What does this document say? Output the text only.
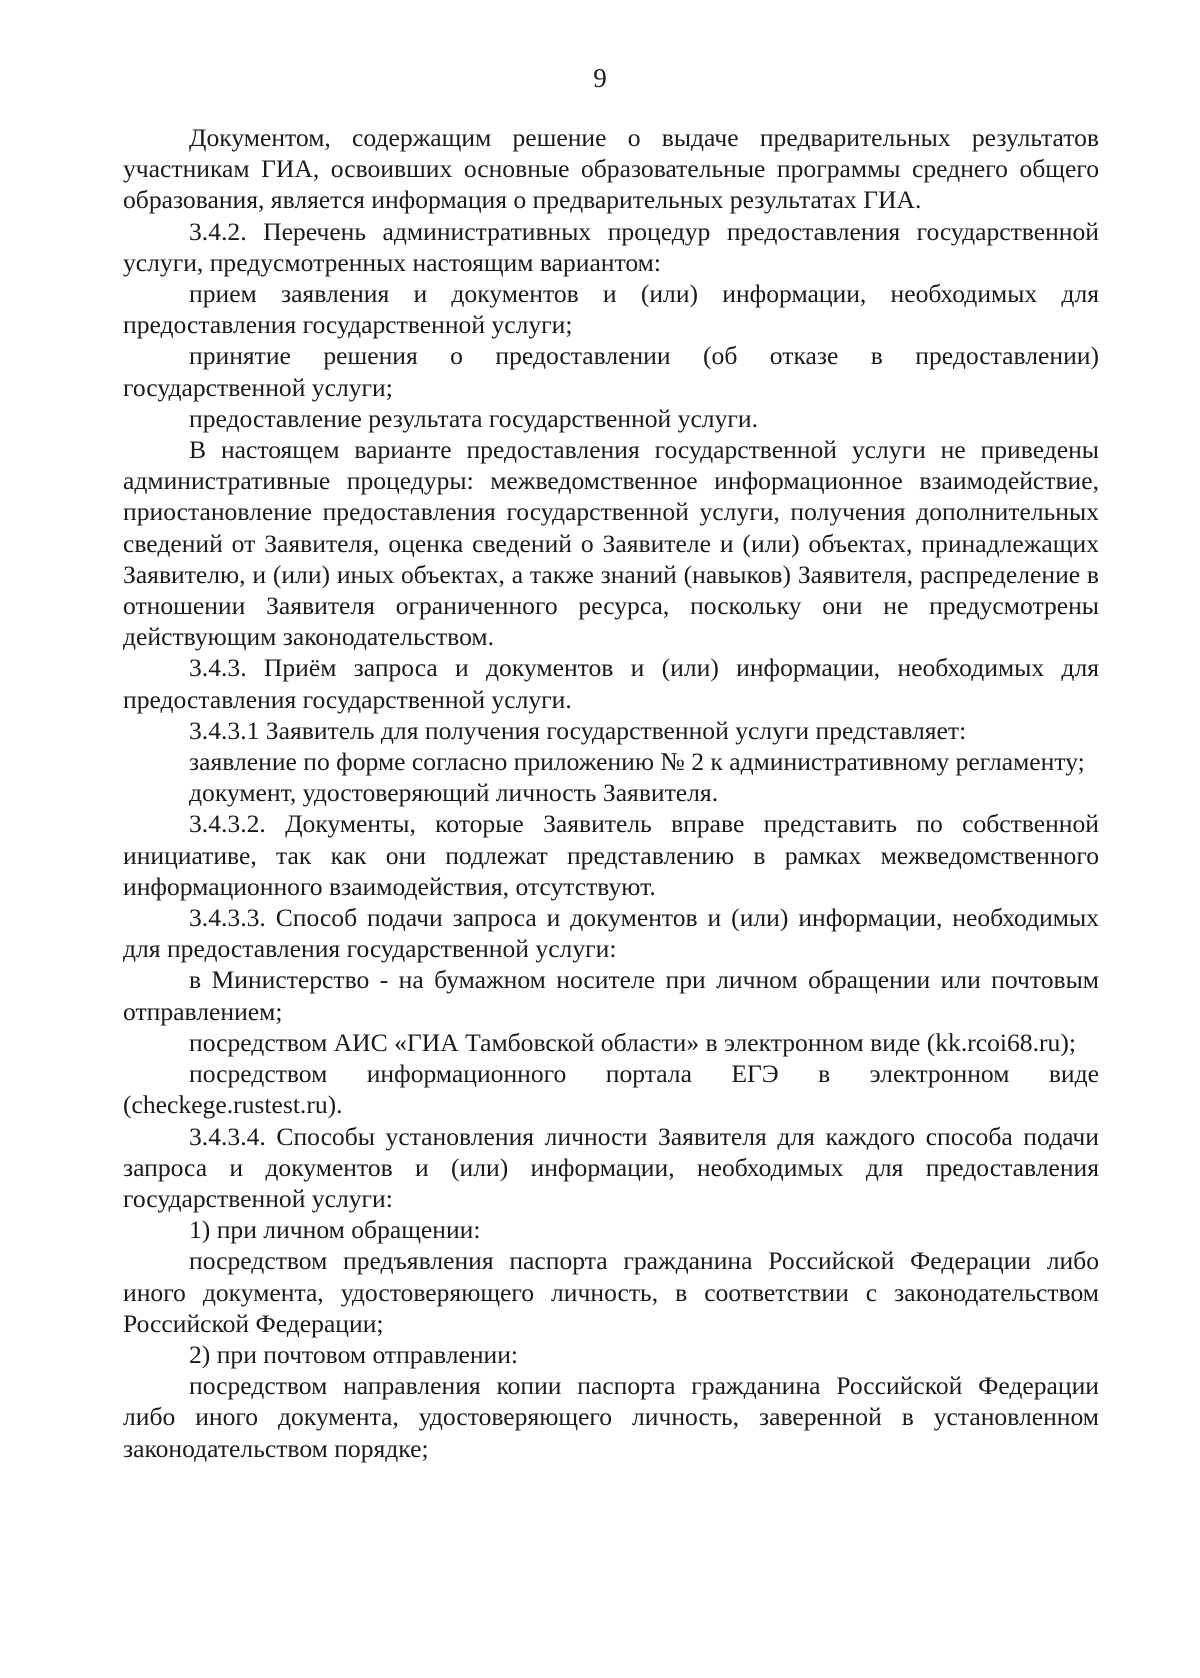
9

Документом, содержащим решение о выдаче предварительных результатов участникам ГИА, освоивших основные образовательные программы среднего общего образования, является информация о предварительных результатах ГИА.

3.4.2. Перечень административных процедур предоставления государственной услуги, предусмотренных настоящим вариантом:

прием заявления и документов и (или) информации, необходимых для предоставления государственной услуги;

принятие решения о предоставлении (об отказе в предоставлении) государственной услуги;

предоставление результата государственной услуги.

В настоящем варианте предоставления государственной услуги не приведены административные процедуры: межведомственное информационное взаимодействие, приостановление предоставления государственной услуги, получения дополнительных сведений от Заявителя, оценка сведений о Заявителе и (или) объектах, принадлежащих Заявителю, и (или) иных объектах, а также знаний (навыков) Заявителя, распределение в отношении Заявителя ограниченного ресурса, поскольку они не предусмотрены действующим законодательством.

3.4.3. Приём запроса и документов и (или) информации, необходимых для предоставления государственной услуги.

3.4.3.1 Заявитель для получения государственной услуги представляет:

заявление по форме согласно приложению № 2 к административному регламенту;

документ, удостоверяющий личность Заявителя.

3.4.3.2. Документы, которые Заявитель вправе представить по собственной инициативе, так как они подлежат представлению в рамках межведомственного информационного взаимодействия, отсутствуют.

3.4.3.3. Способ подачи запроса и документов и (или) информации, необходимых для предоставления государственной услуги:

в Министерство - на бумажном носителе при личном обращении или почтовым отправлением;

посредством АИС «ГИА Тамбовской области» в электронном виде (kk.rcoi68.ru);

посредством информационного портала ЕГЭ в электронном виде (checkege.rustest.ru).

3.4.3.4. Способы установления личности Заявителя для каждого способа подачи запроса и документов и (или) информации, необходимых для предоставления государственной услуги:

1) при личном обращении:

посредством предъявления паспорта гражданина Российской Федерации либо иного документа, удостоверяющего личность, в соответствии с законодательством Российской Федерации;

2) при почтовом отправлении:

посредством направления копии паспорта гражданина Российской Федерации либо иного документа, удостоверяющего личность, заверенной в установленном законодательством порядке;
